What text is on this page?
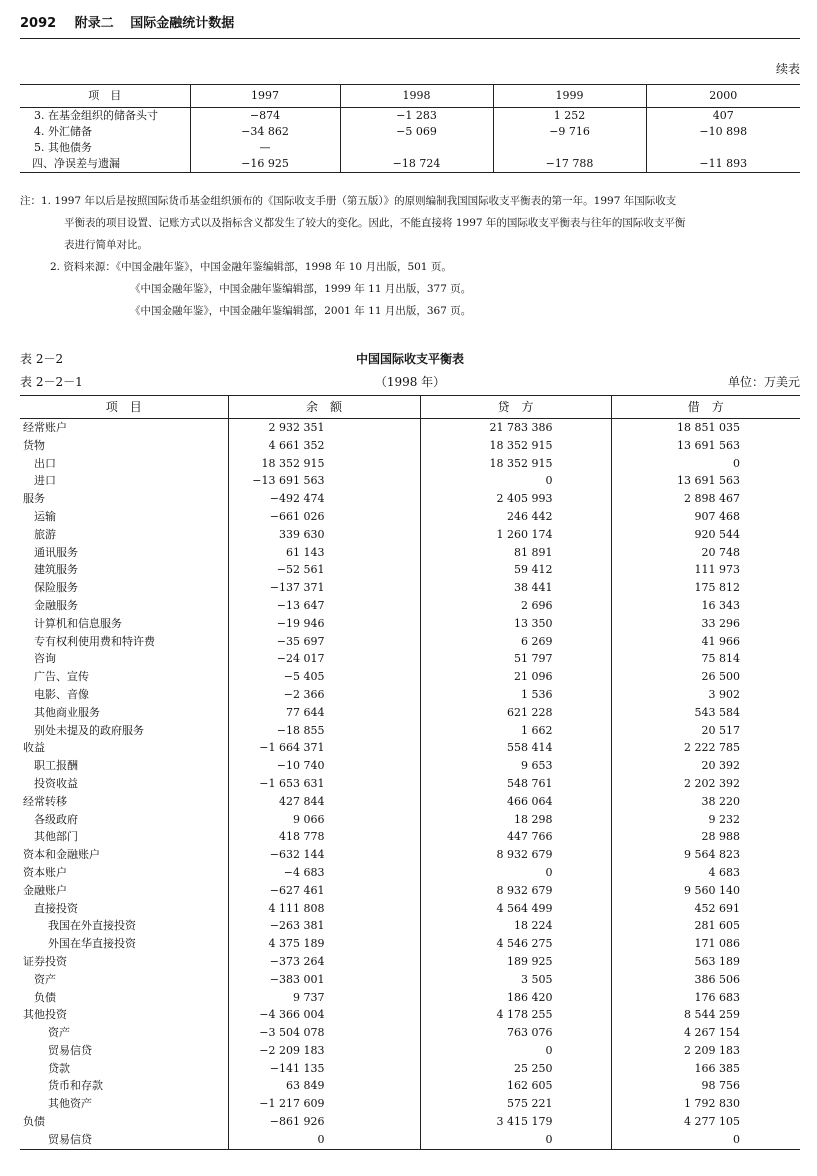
2092 附录二 国际金融统计数据
续表
项　目	1997	1998	1999	2000
3. 在基金组织的储备头寸	−874	−1 283	1 252	407
4. 外汇储备	−34 862	−5 069	−9 716	−10 898
5. 其他债务	—			
四、净误差与遗漏	−16 925	−18 724	−17 788	−11 893
注：1. 1997 年以后是按照国际货币基金组织颁布的《国际收支手册（第五版）》的原则编制我国国际收支平衡表的第一年。1997 年国际收支
平衡表的项目设置、记账方式以及指标含义都发生了较大的变化。因此，不能直接将 1997 年的国际收支平衡表与往年的国际收支平衡
表进行简单对比。
2. 资料来源：《中国金融年鉴》，中国金融年鉴编辑部，1998 年 10 月出版，501 页。
《中国金融年鉴》，中国金融年鉴编辑部，1999 年 11 月出版，377 页。
《中国金融年鉴》，中国金融年鉴编辑部，2001 年 11 月出版，367 页。
表 2－2	中国国际收支平衡表
表 2－2－1	（1998 年）	单位：万美元
项　目	余　额	贷　方	借　方
经常账户	2 932 351	21 783 386	18 851 035
货物	4 661 352	18 352 915	13 691 563
出口	18 352 915	18 352 915	0
进口	−13 691 563	0	13 691 563
服务	−492 474	2 405 993	2 898 467
运输	−661 026	246 442	907 468
旅游	339 630	1 260 174	920 544
通讯服务	61 143	81 891	20 748
建筑服务	−52 561	59 412	111 973
保险服务	−137 371	38 441	175 812
金融服务	−13 647	2 696	16 343
计算机和信息服务	−19 946	13 350	33 296
专有权利使用费和特许费	−35 697	6 269	41 966
咨询	−24 017	51 797	75 814
广告、宣传	−5 405	21 096	26 500
电影、音像	−2 366	1 536	3 902
其他商业服务	77 644	621 228	543 584
别处未提及的政府服务	−18 855	1 662	20 517
收益	−1 664 371	558 414	2 222 785
职工报酬	−10 740	9 653	20 392
投资收益	−1 653 631	548 761	2 202 392
经常转移	427 844	466 064	38 220
各级政府	9 066	18 298	9 232
其他部门	418 778	447 766	28 988
资本和金融账户	−632 144	8 932 679	9 564 823
资本账户	−4 683	0	4 683
金融账户	−627 461	8 932 679	9 560 140
直接投资	4 111 808	4 564 499	452 691
我国在外直接投资	−263 381	18 224	281 605
外国在华直接投资	4 375 189	4 546 275	171 086
证券投资	−373 264	189 925	563 189
资产	−383 001	3 505	386 506
负债	9 737	186 420	176 683
其他投资	−4 366 004	4 178 255	8 544 259
资产	−3 504 078	763 076	4 267 154
贸易信贷	−2 209 183	0	2 209 183
贷款	−141 135	25 250	166 385
货币和存款	63 849	162 605	98 756
其他资产	−1 217 609	575 221	1 792 830
负债	−861 926	3 415 179	4 277 105
贸易信贷	0	0	0
